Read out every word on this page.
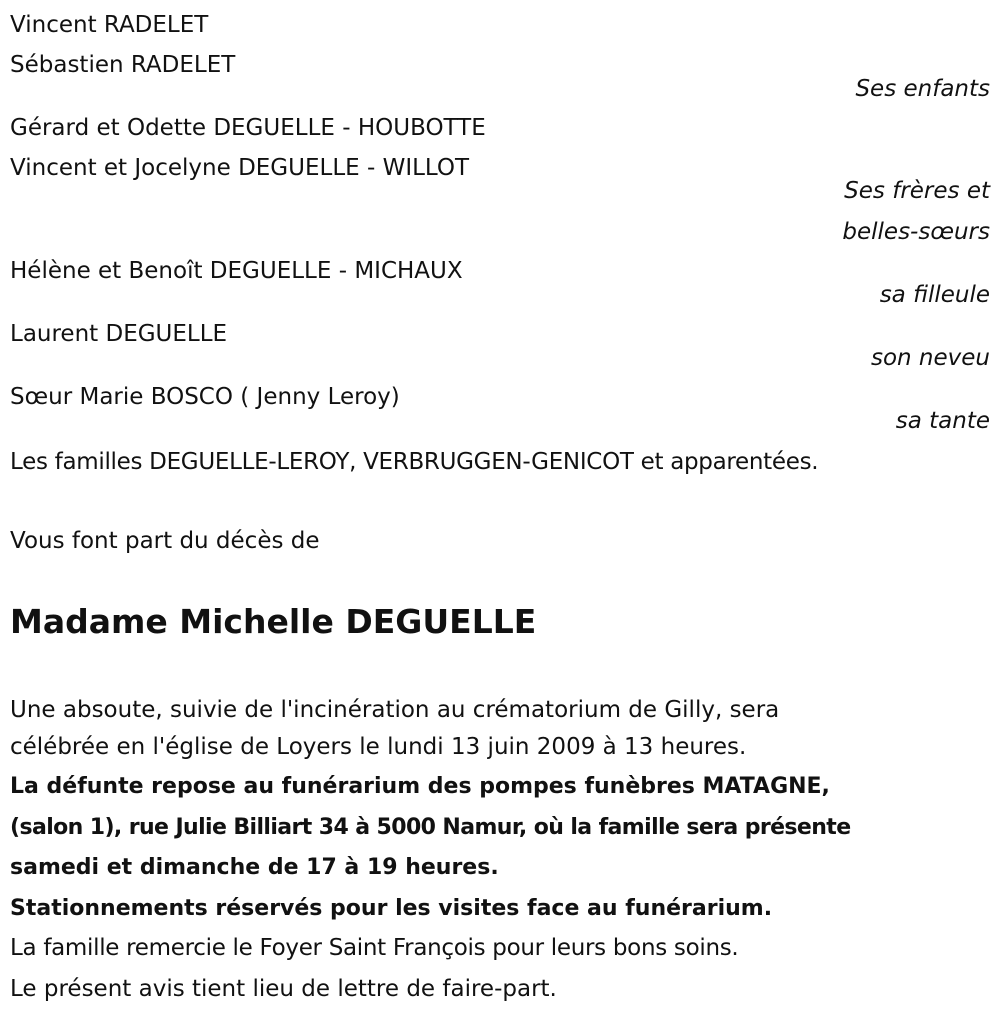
Vincent RADELET
Sébastien RADELET
Ses enfants
Gérard et Odette DEGUELLE - HOUBOTTE
Vincent et Jocelyne DEGUELLE - WILLOT
Ses frères et
belles-sœurs
Hélène et Benoît DEGUELLE - MICHAUX
sa filleule
Laurent DEGUELLE
son neveu
Sœur Marie BOSCO ( Jenny Leroy)
sa tante
Les familles DEGUELLE-LEROY, VERBRUGGEN-GENICOT et apparentées.
Vous font part du décès de
Madame Michelle DEGUELLE
Une absoute, suivie de l'incinération au crématorium de Gilly, sera
célébrée en l'église de Loyers le lundi 13 juin 2009 à 13 heures.
La défunte repose au funérarium des pompes funèbres MATAGNE,
(salon 1), rue Julie Billiart 34 à 5000 Namur, où la famille sera présente
samedi et dimanche de 17 à 19 heures.
Stationnements réservés pour les visites face au funérarium.
La famille remercie le Foyer Saint François pour leurs bons soins.
Le présent avis tient lieu de lettre de faire-part.
